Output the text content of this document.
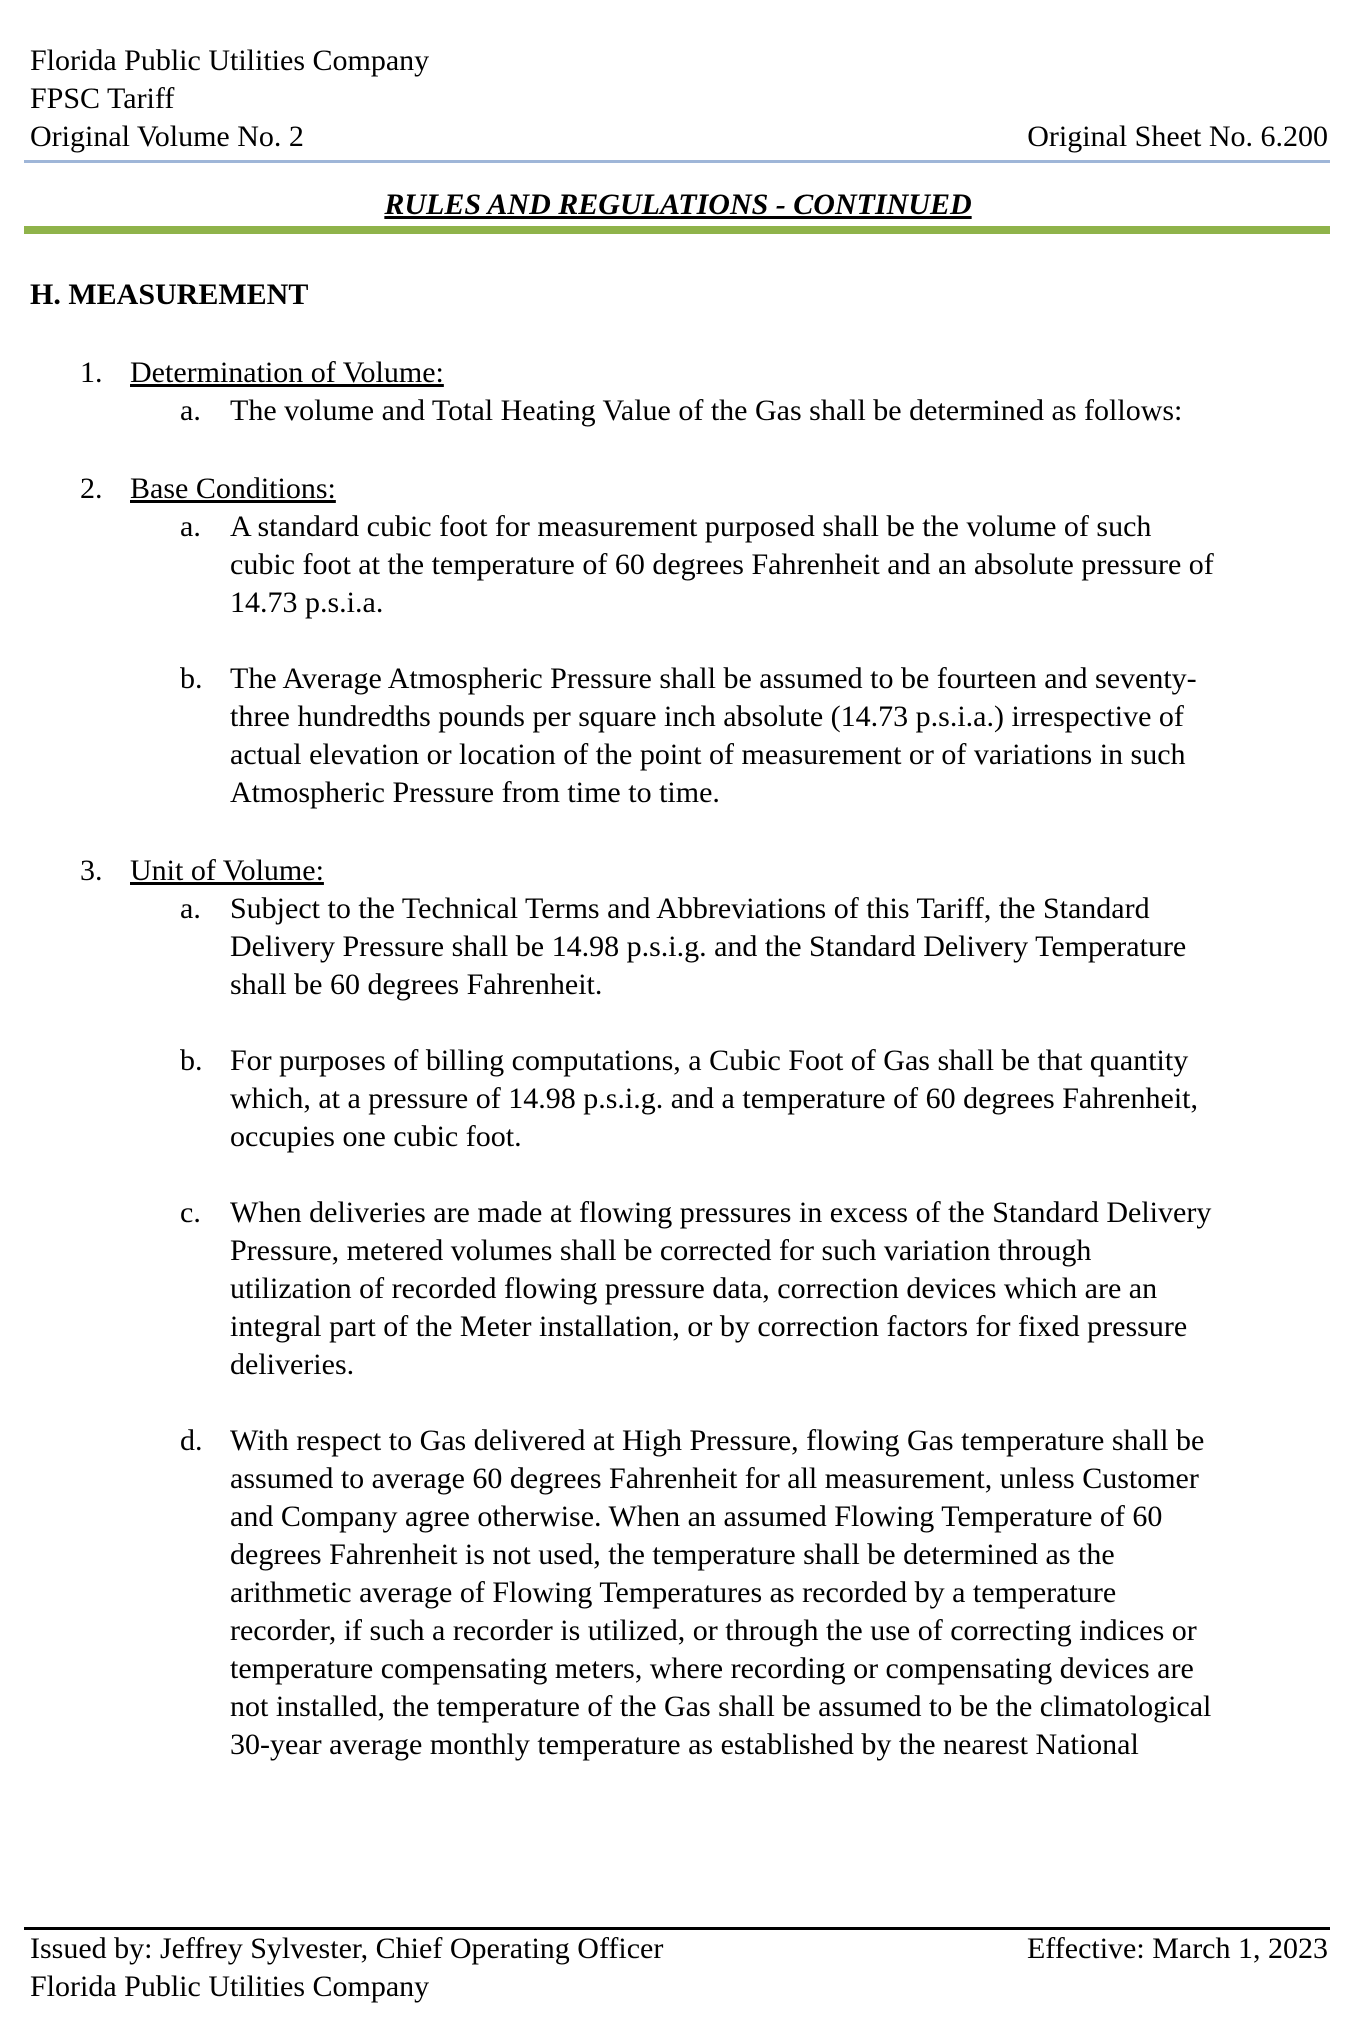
Florida Public Utilities Company
FPSC Tariff
Original Volume No. 2	Original Sheet No. 6.200
RULES AND REGULATIONS - CONTINUED
H. MEASUREMENT
1. Determination of Volume:
a. The volume and Total Heating Value of the Gas shall be determined as follows:
2. Base Conditions:
a. A standard cubic foot for measurement purposed shall be the volume of such
cubic foot at the temperature of 60 degrees Fahrenheit and an absolute pressure of
14.73 p.s.i.a.
b. The Average Atmospheric Pressure shall be assumed to be fourteen and seventy-
three hundredths pounds per square inch absolute (14.73 p.s.i.a.) irrespective of
actual elevation or location of the point of measurement or of variations in such
Atmospheric Pressure from time to time.
3. Unit of Volume:
a. Subject to the Technical Terms and Abbreviations of this Tariff, the Standard
Delivery Pressure shall be 14.98 p.s.i.g. and the Standard Delivery Temperature
shall be 60 degrees Fahrenheit.
b. For purposes of billing computations, a Cubic Foot of Gas shall be that quantity
which, at a pressure of 14.98 p.s.i.g. and a temperature of 60 degrees Fahrenheit,
occupies one cubic foot.
c. When deliveries are made at flowing pressures in excess of the Standard Delivery
Pressure, metered volumes shall be corrected for such variation through
utilization of recorded flowing pressure data, correction devices which are an
integral part of the Meter installation, or by correction factors for fixed pressure
deliveries.
d. With respect to Gas delivered at High Pressure, flowing Gas temperature shall be
assumed to average 60 degrees Fahrenheit for all measurement, unless Customer
and Company agree otherwise. When an assumed Flowing Temperature of 60
degrees Fahrenheit is not used, the temperature shall be determined as the
arithmetic average of Flowing Temperatures as recorded by a temperature
recorder, if such a recorder is utilized, or through the use of correcting indices or
temperature compensating meters, where recording or compensating devices are
not installed, the temperature of the Gas shall be assumed to be the climatological
30-year average monthly temperature as established by the nearest National
Issued by: Jeffrey Sylvester, Chief Operating Officer	Effective: March 1, 2023
Florida Public Utilities Company
